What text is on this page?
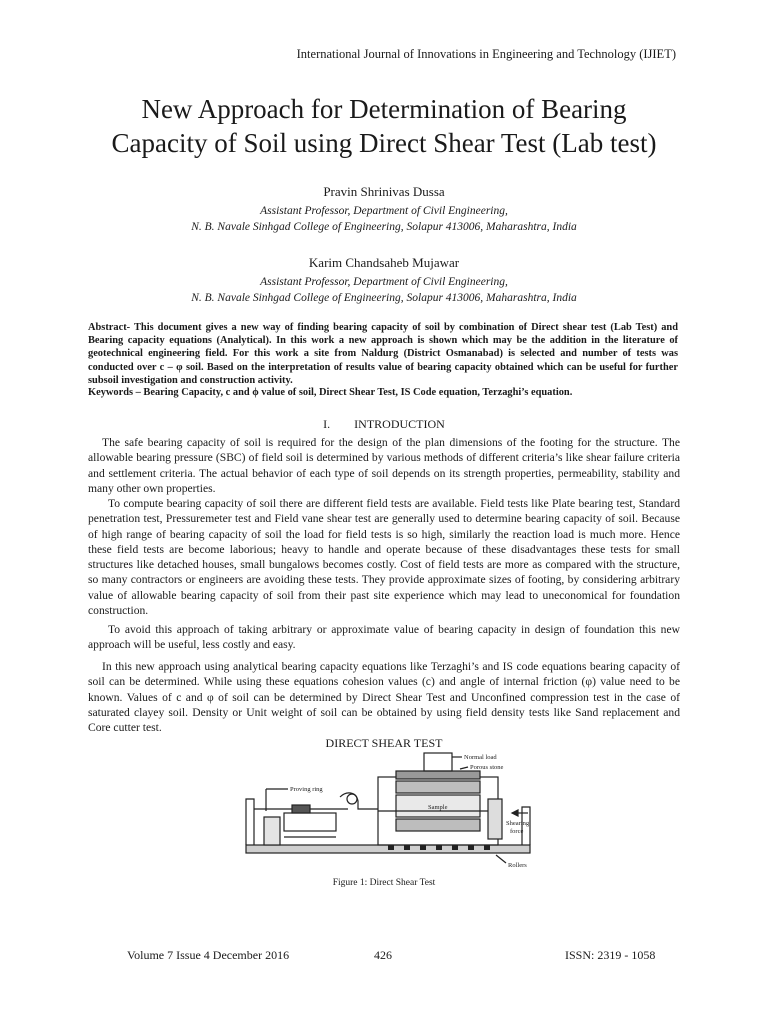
International Journal of Innovations in Engineering and Technology (IJIET)
New Approach for Determination of Bearing
Capacity of Soil using Direct Shear Test (Lab test)
Pravin Shrinivas Dussa
Assistant Professor, Department of Civil Engineering,
N. B. Navale Sinhgad College of Engineering, Solapur 413006, Maharashtra, India
Karim Chandsaheb Mujawar
Assistant Professor, Department of Civil Engineering,
N. B. Navale Sinhgad College of Engineering, Solapur 413006, Maharashtra, India
Abstract- This document gives a new way of finding bearing capacity of soil by combination of Direct shear test (Lab Test) and Bearing capacity equations (Analytical). In this work a new approach is shown which may be the addition in the literature of geotechnical engineering field. For this work a site from Naldurg (District Osmanabad) is selected and number of tests was conducted over c – φ soil. Based on the interpretation of results value of bearing capacity obtained which can be useful for further subsoil investigation and construction activity.
Keywords – Bearing Capacity, c and ϕ value of soil, Direct Shear Test, IS Code equation, Terzaghi’s equation.
I. INTRODUCTION
The safe bearing capacity of soil is required for the design of the plan dimensions of the footing for the structure. The allowable bearing pressure (SBC) of field soil is determined by various methods of different criteria’s like shear failure criteria and settlement criteria. The actual behavior of each type of soil depends on its strength properties, permeability, stability and many other own properties.
To compute bearing capacity of soil there are different field tests are available. Field tests like Plate bearing test, Standard penetration test, Pressuremeter test and Field vane shear test are generally used to determine bearing capacity of soil. Because of high range of bearing capacity of soil the load for field tests is so high, similarly the reaction load is much more. Hence these field tests are become laborious; heavy to handle and operate because of these disadvantages these tests for small structures like detached houses, small bungalows becomes costly. Cost of field tests are more as compared with the structure, so many contractors or engineers are avoiding these tests. They provide approximate sizes of footing, by considering arbitrary value of allowable bearing capacity of soil from their past site experience which may lead to uneconomical for foundation construction.
To avoid this approach of taking arbitrary or approximate value of bearing capacity in design of foundation this new approach will be useful, less costly and easy.
In this new approach using analytical bearing capacity equations like Terzaghi’s and IS code equations bearing capacity of soil can be determined. While using these equations cohesion values (c) and angle of internal friction (φ) value need to be known. Values of c and φ of soil can be determined by Direct Shear Test and Unconfined compression test in the case of saturated clayey soil. Density or Unit weight of soil can be obtained by using field density tests like Sand replacement and Core cutter test.
DIRECT SHEAR TEST
Normal load
Porous stone
Proving ring
Sample
Shearing
force
Rollers
Figure 1: Direct Shear Test
Volume 7 Issue 4 December 2016	426	ISSN: 2319 - 1058
